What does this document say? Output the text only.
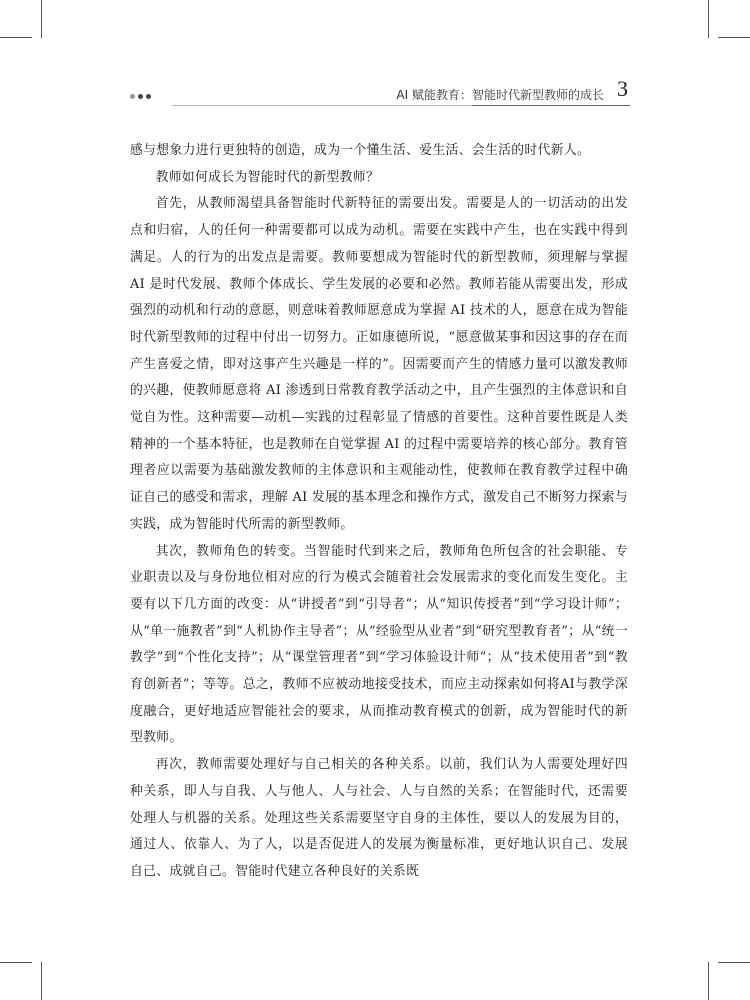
AI 赋能教育：智能时代新型教师的成长 3

感与想象力进行更独特的创造，成为一个懂生活、爱生活、会生活的时代新人。

教师如何成长为智能时代的新型教师？

首先，从教师渴望具备智能时代新特征的需要出发。需要是人的一切活动的出发点和归宿，人的任何一种需要都可以成为动机。需要在实践中产生，也在实践中得到满足。人的行为的出发点是需要。教师要想成为智能时代的新型教师，须理解与掌握 AI 是时代发展、教师个体成长、学生发展的必要和必然。教师若能从需要出发，形成强烈的动机和行动的意愿，则意味着教师愿意成为掌握 AI 技术的人，愿意在成为智能时代新型教师的过程中付出一切努力。正如康德所说，“愿意做某事和因这事的存在而产生喜爱之情，即对这事产生兴趣是一样的”。因需要而产生的情感力量可以激发教师的兴趣，使教师愿意将 AI 渗透到日常教育教学活动之中，且产生强烈的主体意识和自觉自为性。这种需要—动机—实践的过程彰显了情感的首要性。这种首要性既是人类精神的一个基本特征，也是教师在自觉掌握 AI 的过程中需要培养的核心部分。教育管理者应以需要为基础激发教师的主体意识和主观能动性，使教师在教育教学过程中确证自己的感受和需求，理解 AI 发展的基本理念和操作方式，激发自己不断努力探索与实践，成为智能时代所需的新型教师。

其次，教师角色的转变。当智能时代到来之后，教师角色所包含的社会职能、专业职责以及与身份地位相对应的行为模式会随着社会发展需求的变化而发生变化。主要有以下几方面的改变：从“讲授者”到“引导者”；从“知识传授者”到“学习设计师”；从“单一施教者”到“人机协作主导者”；从“经验型从业者”到“研究型教育者”；从“统一教学”到“个性化支持”；从“课堂管理者”到“学习体验设计师”；从“技术使用者”到“教育创新者”；等等。总之，教师不应被动地接受技术，而应主动探索如何将AI与教学深度融合，更好地适应智能社会的要求，从而推动教育模式的创新，成为智能时代的新型教师。

再次，教师需要处理好与自己相关的各种关系。以前，我们认为人需要处理好四种关系，即人与自我、人与他人、人与社会、人与自然的关系；在智能时代，还需要处理人与机器的关系。处理这些关系需要坚守自身的主体性，要以人的发展为目的，通过人、依靠人、为了人，以是否促进人的发展为衡量标准，更好地认识自己、发展自己、成就自己。智能时代建立各种良好的关系既
